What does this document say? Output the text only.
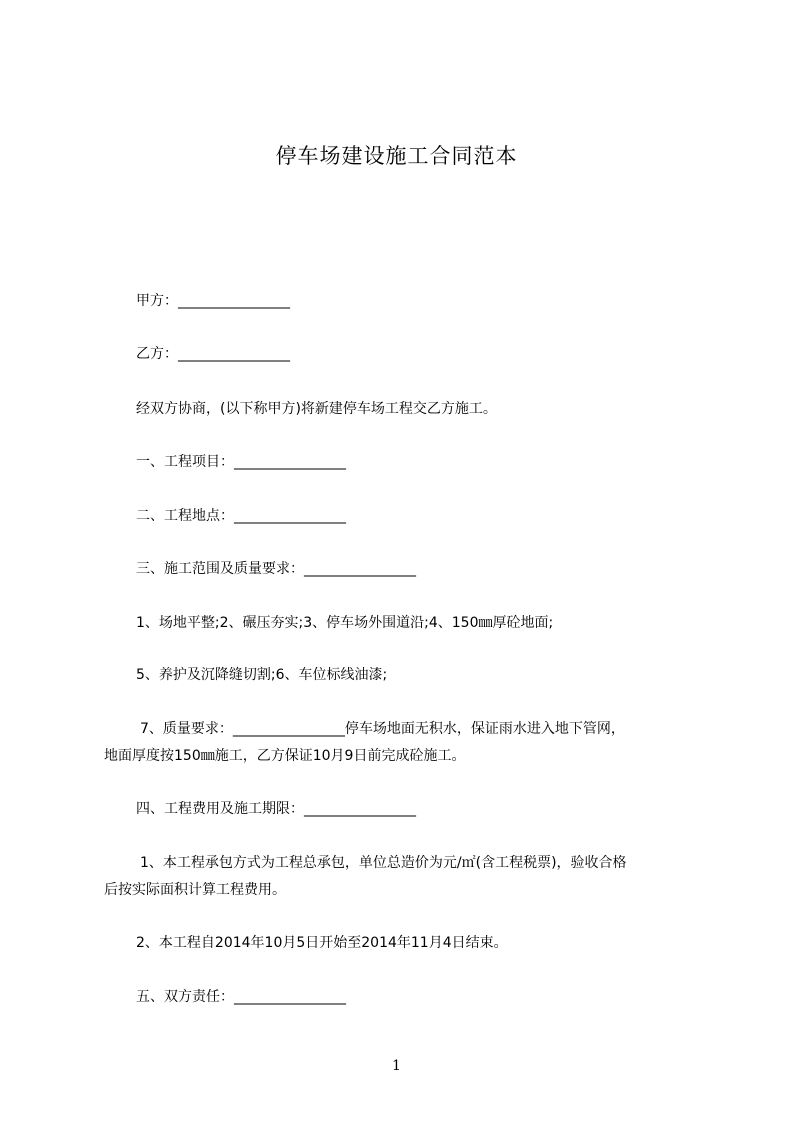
停车场建设施工合同范本
甲方：________________
乙方：________________
经双方协商，(以下称甲方)将新建停车场工程交乙方施工。
一、工程项目：________________
二、工程地点：________________
三、施工范围及质量要求：________________
1、场地平整;2、碾压夯实;3、停车场外围道沿;4、150㎜厚砼地面;
5、养护及沉降缝切割;6、车位标线油漆;
7、质量要求：________________停车场地面无积水，保证雨水进入地下管网，
地面厚度按150㎜施工，乙方保证10月9日前完成砼施工。
四、工程费用及施工期限：________________
1、本工程承包方式为工程总承包，单位总造价为元/㎡(含工程税票)，验收合格
后按实际面积计算工程费用。
2、本工程自2014年10月5日开始至2014年11月4日结束。
五、双方责任：________________
1
